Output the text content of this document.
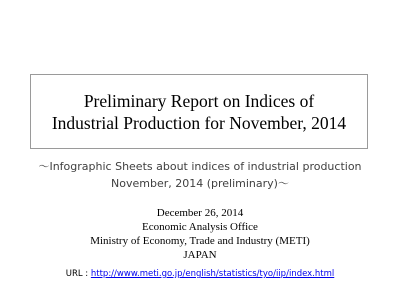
Preliminary Report on Indices of
Industrial Production for November, 2014
～Infographic Sheets about indices of industrial production
November, 2014 (preliminary)～
December 26, 2014
Economic Analysis Office
Ministry of Economy, Trade and Industry (METI)
JAPAN
URL : http://www.meti.go.jp/english/statistics/tyo/iip/index.html
